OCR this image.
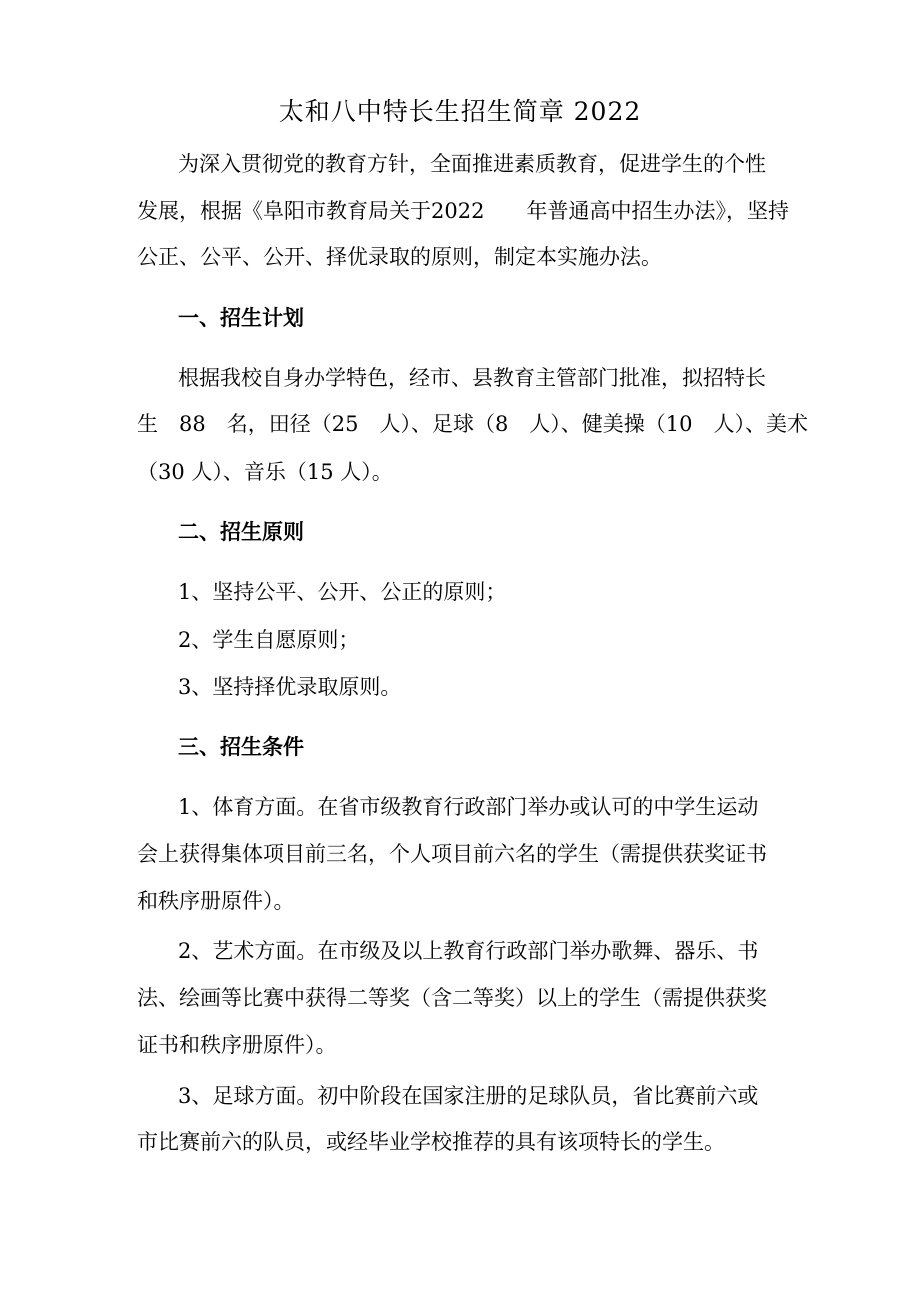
太和八中特长生招生简章 2022
为深入贯彻党的教育方针，全面推进素质教育，促进学生的个性
发展，根据《阜阳市教育局关于2022　　年普通高中招生办法》，坚持
公正、公平、公开、择优录取的原则，制定本实施办法。
一、招生计划
根据我校自身办学特色，经市、县教育主管部门批准，拟招特长
生　88　名，田径（25　人）、足球（8　人）、健美操（10　人）、美术
（30 人）、音乐（15 人）。
二、招生原则
1、坚持公平、公开、公正的原则；
2、学生自愿原则；
3、坚持择优录取原则。
三、招生条件
1、体育方面。在省市级教育行政部门举办或认可的中学生运动
会上获得集体项目前三名，个人项目前六名的学生（需提供获奖证书
和秩序册原件）。
2、艺术方面。在市级及以上教育行政部门举办歌舞、器乐、书
法、绘画等比赛中获得二等奖（含二等奖）以上的学生（需提供获奖
证书和秩序册原件）。
3、足球方面。初中阶段在国家注册的足球队员，省比赛前六或
市比赛前六的队员，或经毕业学校推荐的具有该项特长的学生。
